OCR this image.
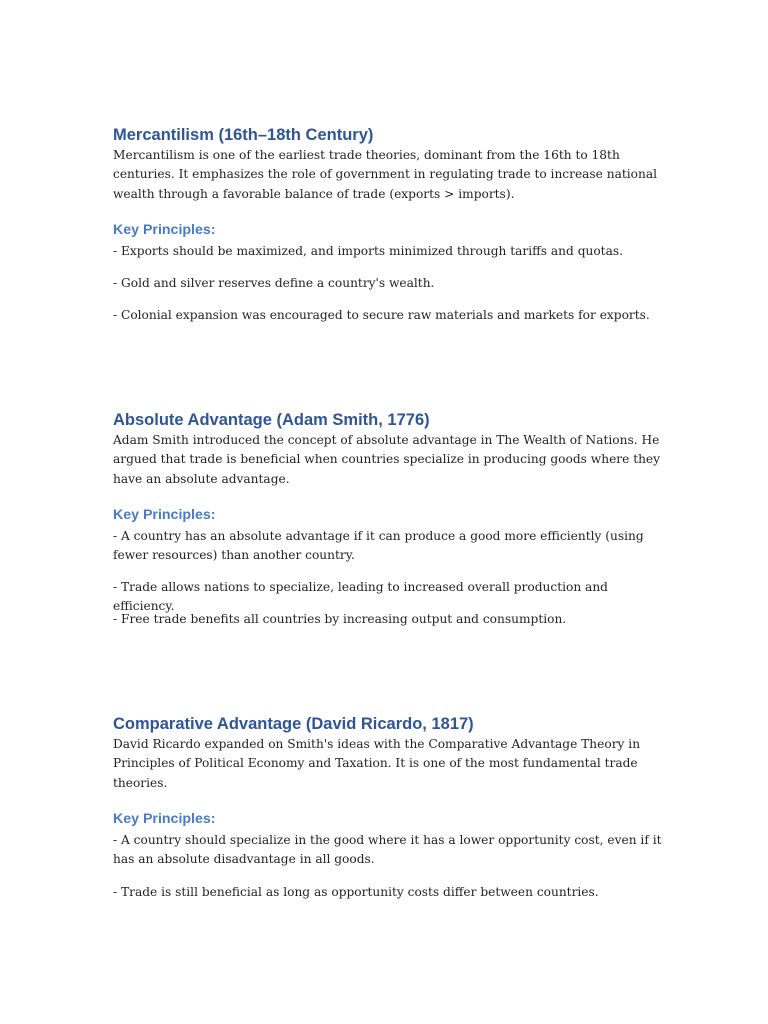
Mercantilism (16th–18th Century)

Mercantilism is one of the earliest trade theories, dominant from the 16th to 18th centuries. It emphasizes the role of government in regulating trade to increase national wealth through a favorable balance of trade (exports > imports).

Key Principles:

- Exports should be maximized, and imports minimized through tariffs and quotas.

- Gold and silver reserves define a country's wealth.

- Colonial expansion was encouraged to secure raw materials and markets for exports.

Absolute Advantage (Adam Smith, 1776)

Adam Smith introduced the concept of absolute advantage in The Wealth of Nations. He argued that trade is beneficial when countries specialize in producing goods where they have an absolute advantage.

Key Principles:

- A country has an absolute advantage if it can produce a good more efficiently (using fewer resources) than another country.

- Trade allows nations to specialize, leading to increased overall production and efficiency.

- Free trade benefits all countries by increasing output and consumption.

Comparative Advantage (David Ricardo, 1817)

David Ricardo expanded on Smith's ideas with the Comparative Advantage Theory in Principles of Political Economy and Taxation. It is one of the most fundamental trade theories.

Key Principles:

- A country should specialize in the good where it has a lower opportunity cost, even if it has an absolute disadvantage in all goods.

- Trade is still beneficial as long as opportunity costs differ between countries.
